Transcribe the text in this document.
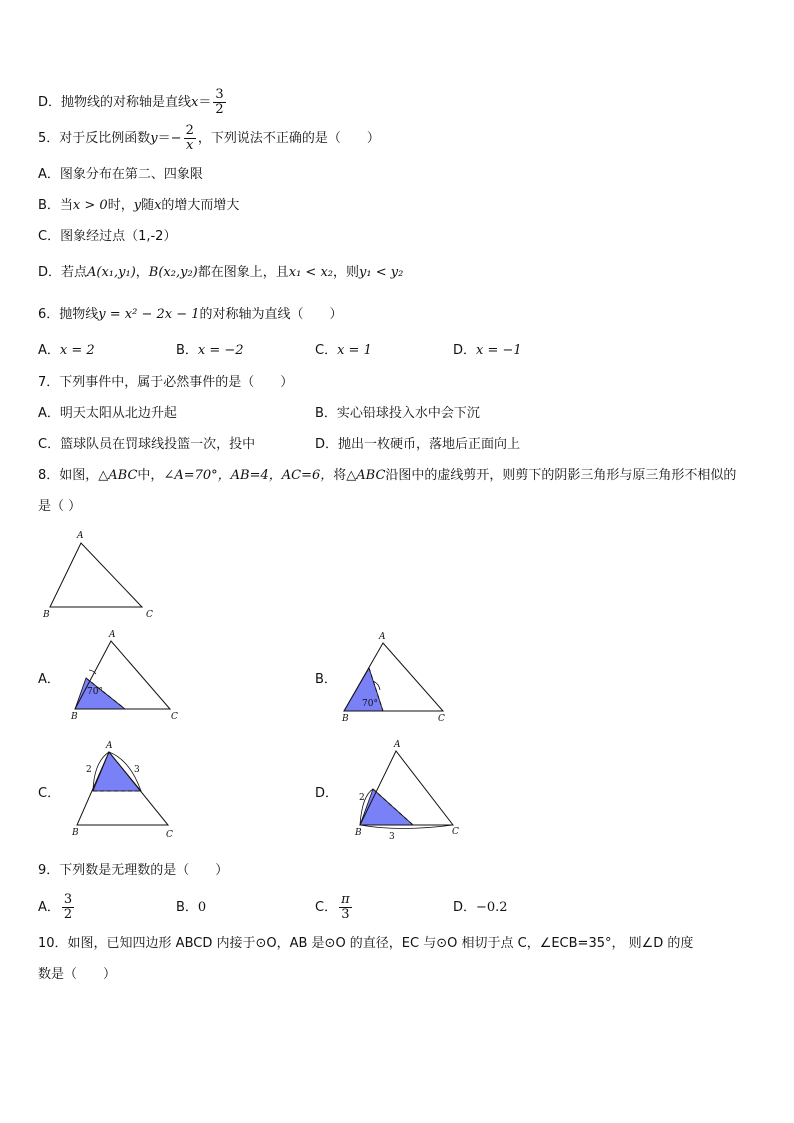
D．抛物线的对称轴是直线$x= \frac{3}{2}$
5．对于反比例函数$y=- \frac{2}{x}$ ，下列说法不正确的是（　　）
A．图象分布在第二、四象限
B．当x > 0时，y随x的增大而增大
C．图象经过点（1,-2）
D．若点A(x₁,y₁)，B(x₂,y₂)都在图象上，且x₁ < x₂，则y₁ < y₂
6．抛物线y = x² − 2x − 1的对称轴为直线（　　）
A．x = 2	B．x = −2	C．x = 1	D．x = −1
7．下列事件中，属于必然事件的是（　　）
A．明天太阳从北边升起	B．实心铅球投入水中会下沉
C．篮球队员在罚球线投篮一次，投中	D．抛出一枚硬币，落地后正面向上
8．如图，△ABC中，∠A=70°，AB=4，AC=6，将△ABC沿图中的虚线剪开，则剪下的阴影三角形与原三角形不相似的
是（ ）
A
B	C
70°
A
B	C
70°
A
B	C
2	3
A
B	C
2
3
A
B	C
A．	B．
C．	D．
9．下列数是无理数的是（　　）
A． $\frac{3}{2}$	B．0	C． $\frac{\pi}{3}$	D．−0.2
10．如图，已知四边形 ABCD 内接于⊙O，AB 是⊙O 的直径，EC 与⊙O 相切于点 C，∠ECB=35°， 则∠D 的度
数是（　　）
